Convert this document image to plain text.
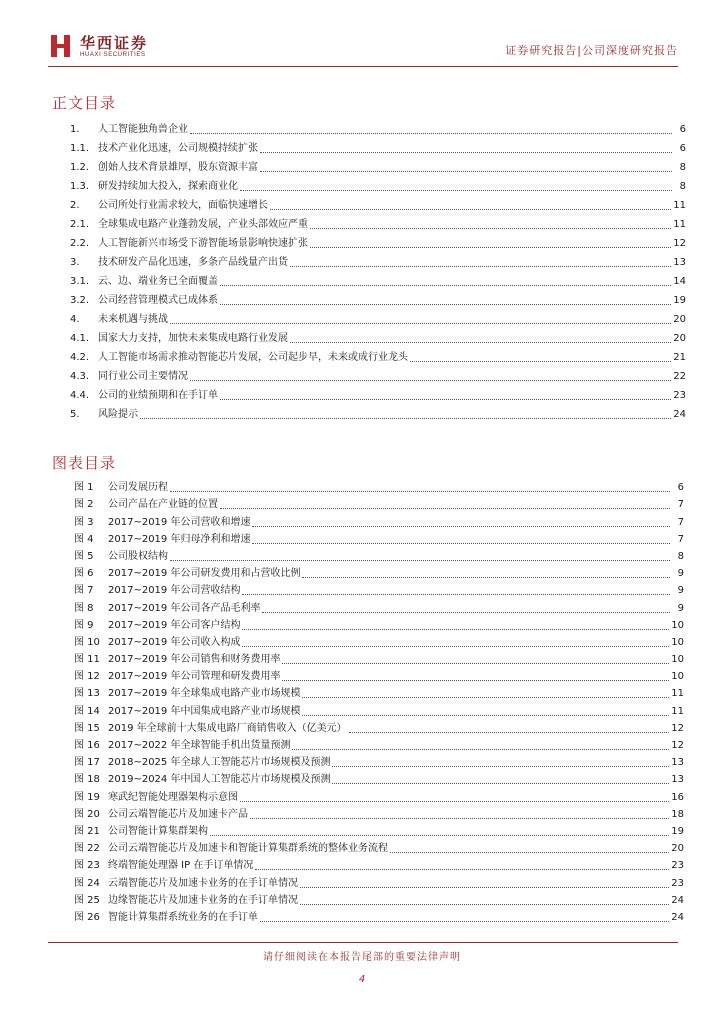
华西证券
HUAXI SECURITIES	证券研究报告|公司深度研究报告
正文目录
1.	人工智能独角兽企业	6
1.1. 技术产业化迅速，公司规模持续扩张	6
1.2. 创始人技术背景雄厚，股东资源丰富	8
1.3. 研发持续加大投入，探索商业化	8
2.	公司所处行业需求较大，面临快速增长	11
2.1. 全球集成电路产业蓬勃发展，产业头部效应严重	11
2.2. 人工智能新兴市场受下游智能场景影响快速扩张	12
3.	技术研发产品化迅速，多条产品线量产出货	13
3.1. 云、边、端业务已全面覆盖	14
3.2. 公司经营管理模式已成体系	19
4.	未来机遇与挑战	20
4.1. 国家大力支持，加快未来集成电路行业发展	20
4.2. 人工智能市场需求推动智能芯片发展，公司起步早，未来或成行业龙头	21
4.3. 同行业公司主要情况	22
4.4. 公司的业绩预期和在手订单	23
5.	风险提示	24
图表目录
图 1	公司发展历程	6
图 2	公司产品在产业链的位置	7
图 3	2017~2019 年公司营收和增速	7
图 4	2017~2019 年归母净利和增速	7
图 5	公司股权结构	8
图 6	2017~2019 年公司研发费用和占营收比例	9
图 7	2017~2019 年公司营收结构	9
图 8	2017~2019 年公司各产品毛利率	9
图 9	2017~2019 年公司客户结构	10
图 10 2017~2019 年公司收入构成	10
图 11 2017~2019 年公司销售和财务费用率	10
图 12 2017~2019 年公司管理和研发费用率	10
图 13 2017~2019 年全球集成电路产业市场规模	11
图 14 2017~2019 年中国集成电路产业市场规模	11
图 15 2019 年全球前十大集成电路厂商销售收入（亿美元）	12
图 16 2017~2022 年全球智能手机出货量预测	12
图 17 2018~2025 年全球人工智能芯片市场规模及预测	13
图 18 2019~2024 年中国人工智能芯片市场规模及预测	13
图 19 寒武纪智能处理器架构示意图	16
图 20 公司云端智能芯片及加速卡产品	18
图 21 公司智能计算集群架构	19
图 22 公司云端智能芯片及加速卡和智能计算集群系统的整体业务流程	20
图 23 终端智能处理器 IP 在手订单情况	23
图 24 云端智能芯片及加速卡业务的在手订单情况	23
图 25 边缘智能芯片及加速卡业务的在手订单情况	24
图 26 智能计算集群系统业务的在手订单	24
请仔细阅读在本报告尾部的重要法律声明
4
